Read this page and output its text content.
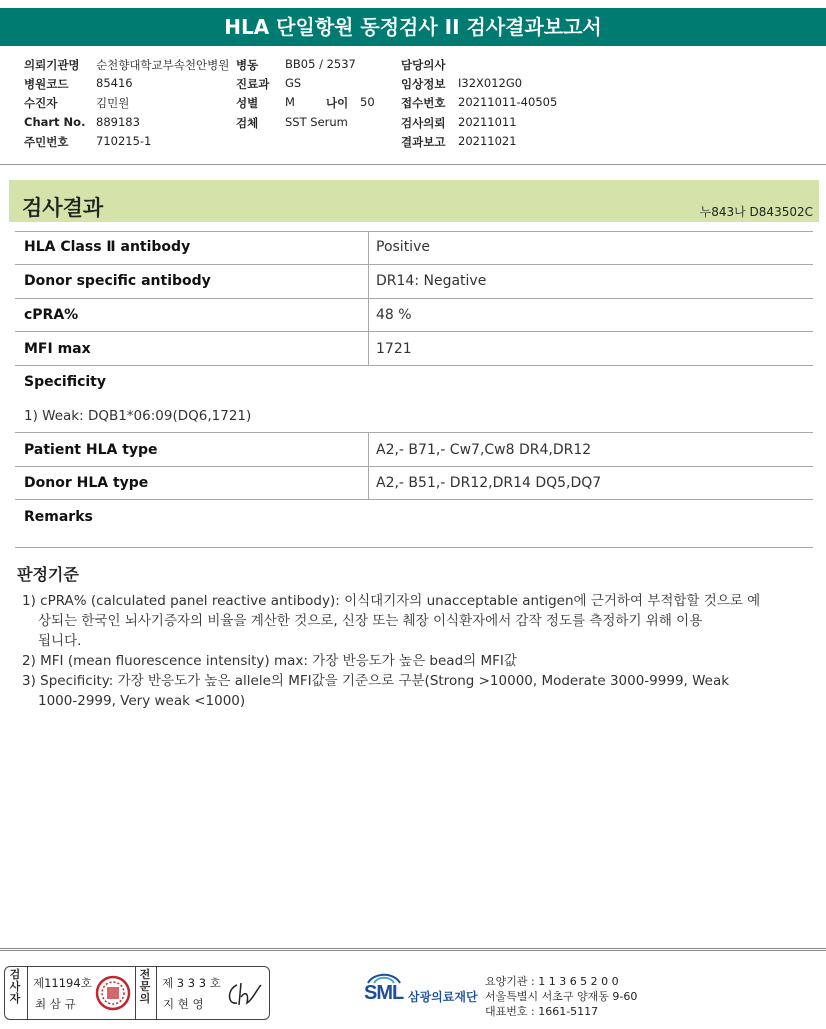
HLA 단일항원 동정검사 II 검사결과보고서
의뢰기관명 순천향대학교부속천안병원
병원코드 85416
수진자	김민원
Chart No. 889183
주민번호 710215-1
병동 BB05 / 2537
진료과 GS
성별 M	나이 50
검체 SST Serum
담당의사
임상정보 I32X012G0
접수번호 20211011-40505
검사의뢰 20211011
결과보고 20211021
검사결과	누843나 D843502C
HLA Class Ⅱ antibody	Positive
Donor specific antibody	DR14: Negative
cPRA%	48 %
MFI max	1721
Specificity
1) Weak: DQB1*06:09(DQ6,1721)
Patient HLA type	A2,- B71,- Cw7,Cw8 DR4,DR12
Donor HLA type	A2,- B51,- DR12,DR14 DQ5,DQ7
Remarks
판정기준
1) cPRA% (calculated panel reactive antibody): 이식대기자의 unacceptable antigen에 근거하여 부적합할 것으로 예
상되는 한국인 뇌사기증자의 비율을 계산한 것으로, 신장 또는 췌장 이식환자에서 감작 정도를 측정하기 위해 이용
됩니다.
2) MFI (mean fluorescence intensity) max: 가장 반응도가 높은 bead의 MFI값
3) Specificity: 가장 반응도가 높은 allele의 MFI값을 기준으로 구분(Strong >10000, Moderate 3000-9999, Weak
1000-2999, Very weak <1000)
검사자
제11194호
최 삼 규
전문의
제 3 3 3 호
지 현 영	SML 삼광의료재단
요양기관 : 1 1 3 6 5 2 0 0
서울특별시 서초구 양재동 9-60
대표번호 : 1661-5117
